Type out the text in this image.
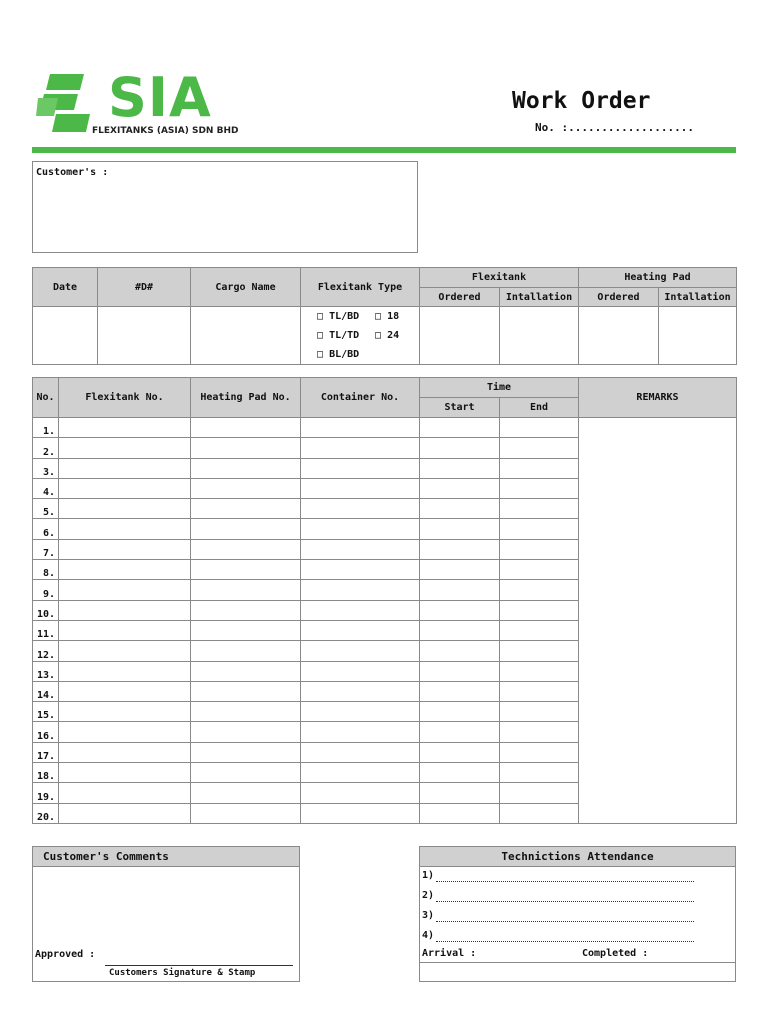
SIA
FLEXITANKS (ASIA) SDN BHD
Work Order
No. :...................
Customer's :
Date	#D#	Cargo Name	Flexitank Type	Flexitank		Heating Pad	
				Ordered	Intallation	Ordered	Intallation

			□ TL/BD □ 18
□ TL/TD □ 24
□ BL/BD				

No.	Flexitank No.	Heating Pad No.	Container No.	Time		REMARKS
				Start	End	
1.						
2.						
3.						
4.						
5.						
6.						
7.						
8.						
9.						
10.						
11.						
12.						
13.						
14.						
15.						
16.						
17.						
18.						
19.						
20.						
Customer's Comments
Approved :
Customers Signature & Stamp
Technictions Attendance
1)
2)
3)
4)
Arrival :	Completed :
